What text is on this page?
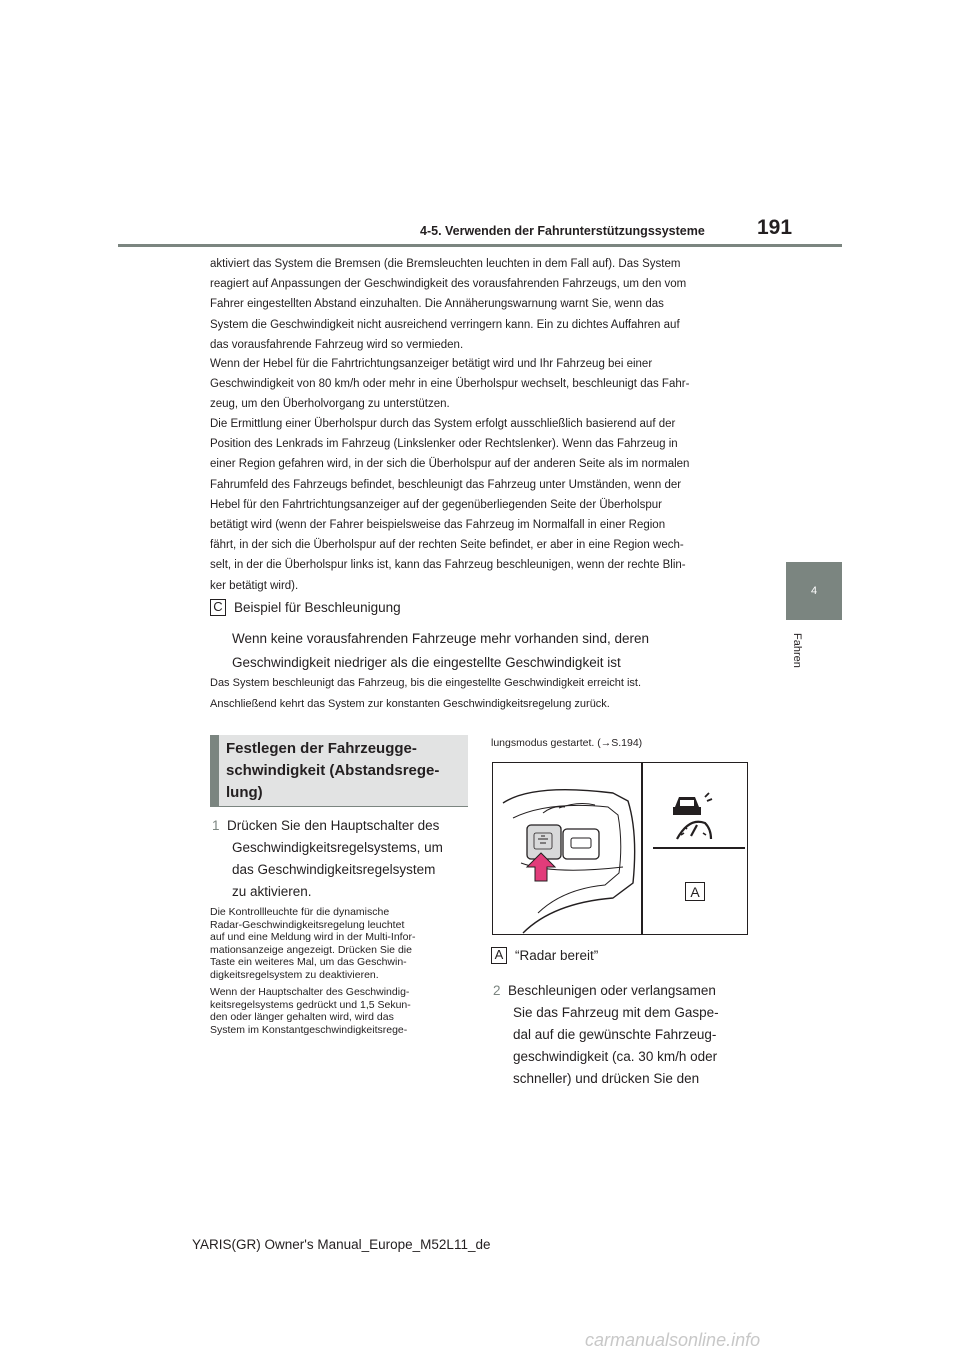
4-5. Verwenden der Fahrunterstützungssysteme 191
4
Fahren
aktiviert das System die Bremsen (die Bremsleuchten leuchten in dem Fall auf). Das System
reagiert auf Anpassungen der Geschwindigkeit des vorausfahrenden Fahrzeugs, um den vom
Fahrer eingestellten Abstand einzuhalten. Die Annäherungswarnung warnt Sie, wenn das
System die Geschwindigkeit nicht ausreichend verringern kann. Ein zu dichtes Auffahren auf
das vorausfahrende Fahrzeug wird so vermieden.
Wenn der Hebel für die Fahrtrichtungsanzeiger betätigt wird und Ihr Fahrzeug bei einer
Geschwindigkeit von 80 km/h oder mehr in eine Überholspur wechselt, beschleunigt das Fahr-
zeug, um den Überholvorgang zu unterstützen.
Die Ermittlung einer Überholspur durch das System erfolgt ausschließlich basierend auf der
Position des Lenkrads im Fahrzeug (Linkslenker oder Rechtslenker). Wenn das Fahrzeug in
einer Region gefahren wird, in der sich die Überholspur auf der anderen Seite als im normalen
Fahrumfeld des Fahrzeugs befindet, beschleunigt das Fahrzeug unter Umständen, wenn der
Hebel für den Fahrtrichtungsanzeiger auf der gegenüberliegenden Seite der Überholspur
betätigt wird (wenn der Fahrer beispielsweise das Fahrzeug im Normalfall in einer Region
fährt, in der sich die Überholspur auf der rechten Seite befindet, er aber in eine Region wech-
selt, in der die Überholspur links ist, kann das Fahrzeug beschleunigen, wenn der rechte Blin-
ker betätigt wird).
C Beispiel für Beschleunigung
Wenn keine vorausfahrenden Fahrzeuge mehr vorhanden sind, deren
Geschwindigkeit niedriger als die eingestellte Geschwindigkeit ist
Das System beschleunigt das Fahrzeug, bis die eingestellte Geschwindigkeit erreicht ist.
Anschließend kehrt das System zur konstanten Geschwindigkeitsregelung zurück.
Festlegen der Fahrzeugge-
schwindigkeit (Abstandsrege-
lung)
1 Drücken Sie den Hauptschalter des
Geschwindigkeitsregelsystems, um
das Geschwindigkeitsregelsystem
zu aktivieren.
Die Kontrollleuchte für die dynamische
Radar-Geschwindigkeitsregelung leuchtet
auf und eine Meldung wird in der Multi-Infor-
mationsanzeige angezeigt. Drücken Sie die
Taste ein weiteres Mal, um das Geschwin-
digkeitsregelsystem zu deaktivieren.
Wenn der Hauptschalter des Geschwindig-
keitsregelsystems gedrückt und 1,5 Sekun-
den oder länger gehalten wird, wird das
System im Konstantgeschwindigkeitsrege-
lungsmodus gestartet. (→S.194)
A
A “Radar bereit”
2 Beschleunigen oder verlangsamen
Sie das Fahrzeug mit dem Gaspe-
dal auf die gewünschte Fahrzeug-
geschwindigkeit (ca. 30 km/h oder
schneller) und drücken Sie den
YARIS(GR) Owner's Manual_Europe_M52L11_de
carmanualsonline.info
